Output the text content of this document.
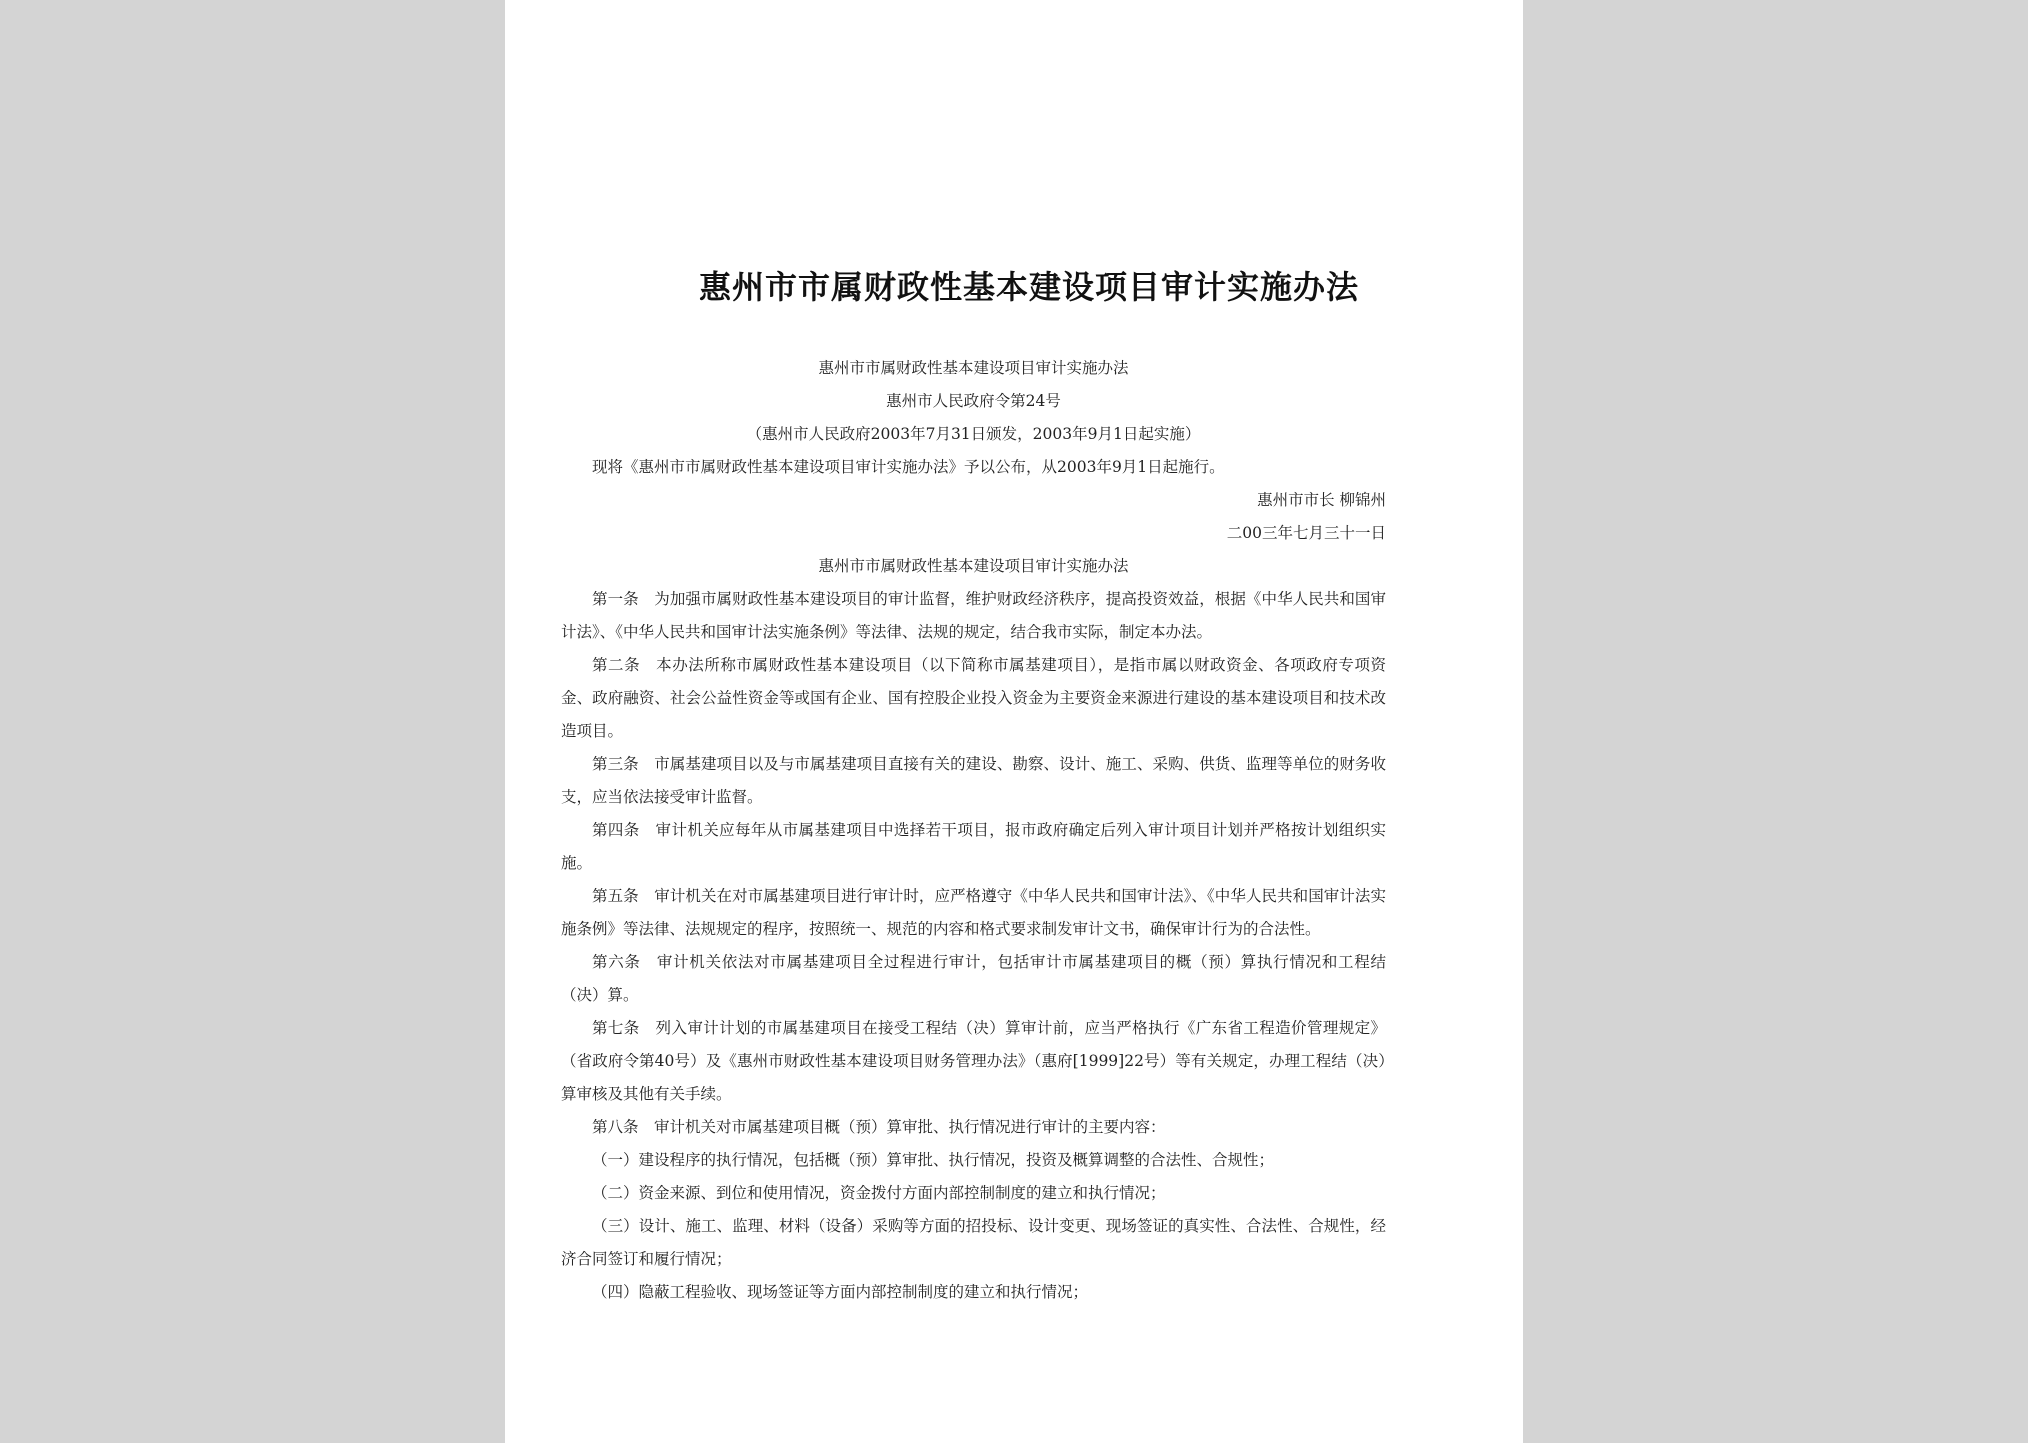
惠州市市属财政性基本建设项目审计实施办法
惠州市市属财政性基本建设项目审计实施办法
惠州市人民政府令第24号
（惠州市人民政府2003年7月31日颁发，2003年9月1日起实施）

现将《惠州市市属财政性基本建设项目审计实施办法》予以公布，从2003年9月1日起施行。

惠州市市长 柳锦州
二00三年七月三十一日
惠州市市属财政性基本建设项目审计实施办法

第一条　为加强市属财政性基本建设项目的审计监督，维护财政经济秩序，提高投资效益，根据《中华人民共和国审计法》、《中华人民共和国审计法实施条例》等法律、法规的规定，结合我市实际，制定本办法。

第二条　本办法所称市属财政性基本建设项目（以下简称市属基建项目），是指市属以财政资金、各项政府专项资金、政府融资、社会公益性资金等或国有企业、国有控股企业投入资金为主要资金来源进行建设的基本建设项目和技术改造项目。

第三条　市属基建项目以及与市属基建项目直接有关的建设、勘察、设计、施工、采购、供货、监理等单位的财务收支，应当依法接受审计监督。

第四条　审计机关应每年从市属基建项目中选择若干项目，报市政府确定后列入审计项目计划并严格按计划组织实施。

第五条　审计机关在对市属基建项目进行审计时，应严格遵守《中华人民共和国审计法》、《中华人民共和国审计法实施条例》等法律、法规规定的程序，按照统一、规范的内容和格式要求制发审计文书，确保审计行为的合法性。

第六条　审计机关依法对市属基建项目全过程进行审计，包括审计市属基建项目的概（预）算执行情况和工程结（决）算。

第七条　列入审计计划的市属基建项目在接受工程结（决）算审计前，应当严格执行《广东省工程造价管理规定》（省政府令第40号）及《惠州市财政性基本建设项目财务管理办法》（惠府[1999]22号）等有关规定，办理工程结（决）算审核及其他有关手续。

第八条　审计机关对市属基建项目概（预）算审批、执行情况进行审计的主要内容：

（一）建设程序的执行情况，包括概（预）算审批、执行情况，投资及概算调整的合法性、合规性；

（二）资金来源、到位和使用情况，资金拨付方面内部控制制度的建立和执行情况；

（三）设计、施工、监理、材料（设备）采购等方面的招投标、设计变更、现场签证的真实性、合法性、合规性，经济合同签订和履行情况；

（四）隐蔽工程验收、现场签证等方面内部控制制度的建立和执行情况；
